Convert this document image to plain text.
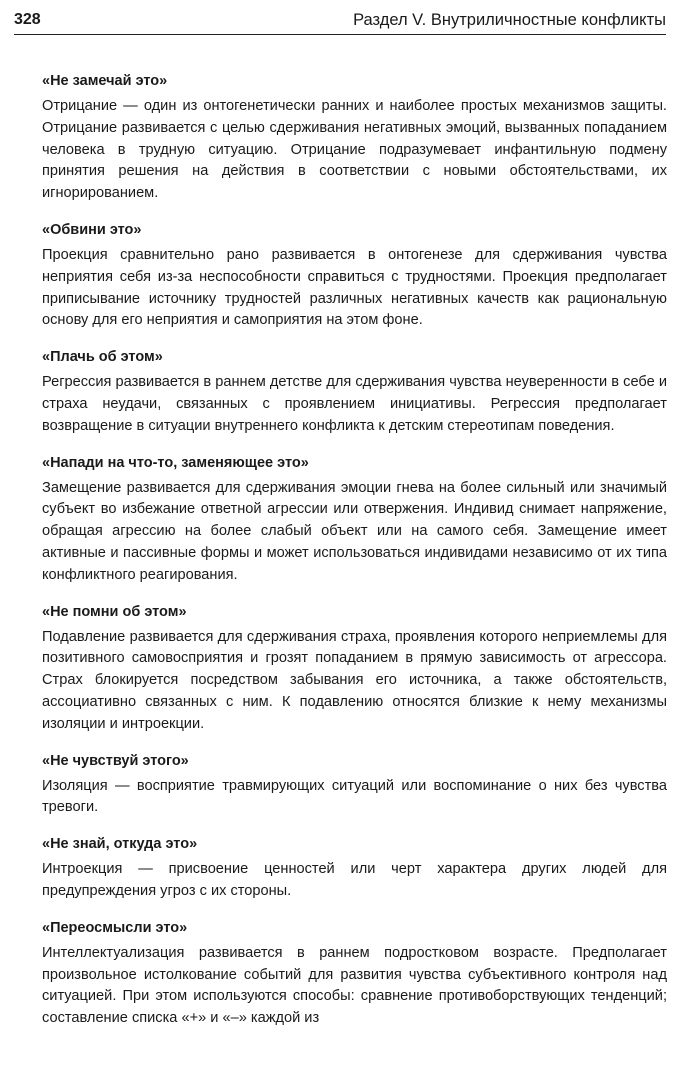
328	Раздел V. Внутриличностные конфликты

«Не замечай это»

Отрицание — один из онтогенетически ранних и наиболее простых механизмов защиты. Отрицание развивается с целью сдерживания негативных эмоций, вызванных попаданием человека в трудную ситуацию. Отрицание подразумевает инфантильную подмену принятия решения на действия в соответствии с новыми обстоятельствами, их игнорированием.

«Обвини это»

Проекция сравнительно рано развивается в онтогенезе для сдерживания чувства неприятия себя из-за неспособности справиться с трудностями. Проекция предполагает приписывание источнику трудностей различных негативных качеств как рациональную основу для его неприятия и самоприятия на этом фоне.

«Плачь об этом»

Регрессия развивается в раннем детстве для сдерживания чувства неуверенности в себе и страха неудачи, связанных с проявлением инициативы. Регрессия предполагает возвращение в ситуации внутреннего конфликта к детским стереотипам поведения.

«Напади на что-то, заменяющее это»

Замещение развивается для сдерживания эмоции гнева на более сильный или значимый субъект во избежание ответной агрессии или отвержения. Индивид снимает напряжение, обращая агрессию на более слабый объект или на самого себя. Замещение имеет активные и пассивные формы и может использоваться индивидами независимо от их типа конфликтного реагирования.

«Не помни об этом»

Подавление развивается для сдерживания страха, проявления которого неприемлемы для позитивного самовосприятия и грозят попаданием в прямую зависимость от агрессора. Страх блокируется посредством забывания его источника, а также обстоятельств, ассоциативно связанных с ним. К подавлению относятся близкие к нему механизмы изоляции и интроекции.

«Не чувствуй этого»

Изоляция — восприятие травмирующих ситуаций или воспоминание о них без чувства тревоги.

«Не знай, откуда это»

Интроекция — присвоение ценностей или черт характера других людей для предупреждения угроз с их стороны.

«Переосмысли это»

Интеллектуализация развивается в раннем подростковом возрасте. Предполагает произвольное истолкование событий для развития чувства субъективного контроля над ситуацией. При этом используются способы: сравнение противоборствующих тенденций; составление списка «+» и «–» каждой из
